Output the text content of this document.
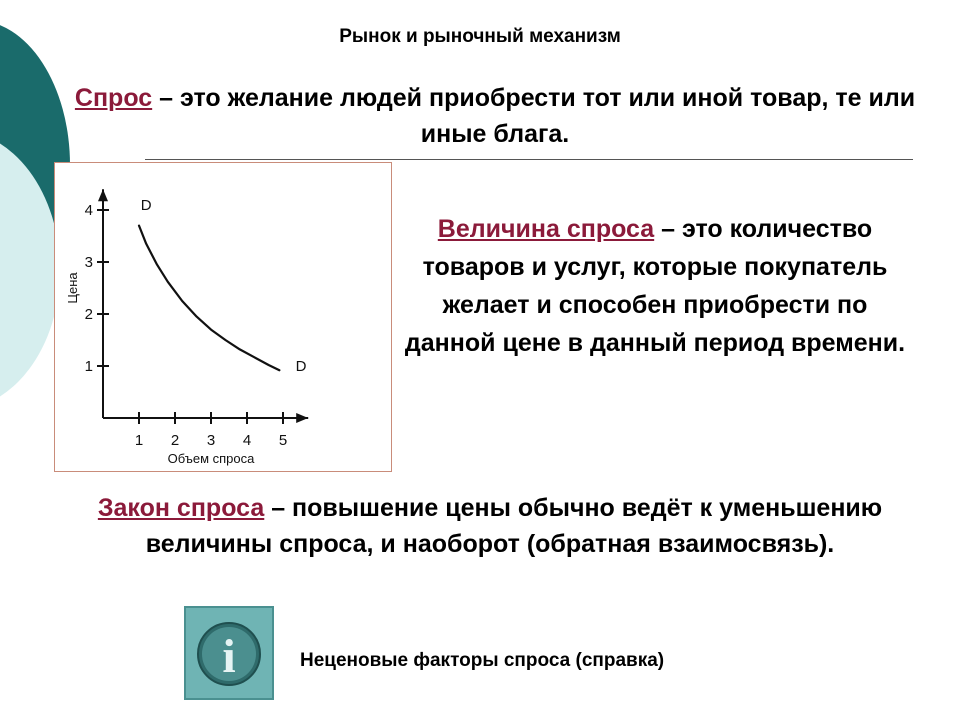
Рынок и рыночный механизм
Спрос – это желание людей приобрести тот или иной товар, те или иные блага.
1 2 3 4 5
1
2
3
4
Объем спроса
Цена
D
D
Величина спроса – это количество товаров и услуг, которые покупатель желает и способен приобрести по данной цене в данный период времени.
Закон спроса – повышение цены обычно ведёт к уменьшению величины спроса, и наоборот (обратная взаимосвязь).
i	Неценовые факторы спроса (справка)
